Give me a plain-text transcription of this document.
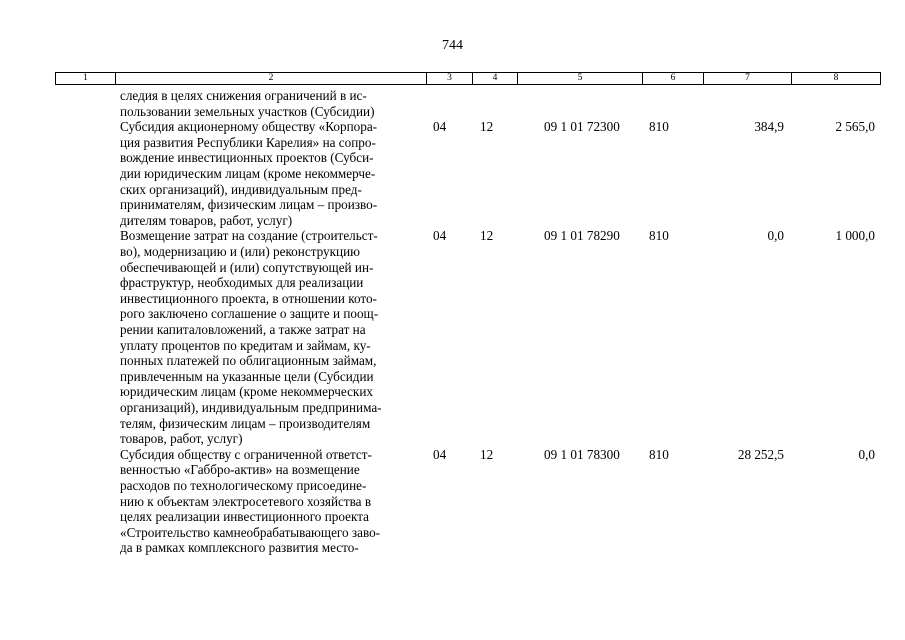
744
1	2	3	4	5	6	7	8
следия в целях снижения ограничений в ис-
пользовании земельных участков (Субсидии)
Субсидия акционерному обществу «Корпора-
ция развития Республики Карелия» на сопро-
вождение инвестиционных проектов (Субси-
дии юридическим лицам (кроме некоммерче-
ских организаций), индивидуальным пред-
принимателям, физическим лицам – произво-
дителям товаров, работ, услуг)
04	12	09 1 01 72300 810	384,9	2 565,0
Возмещение затрат на создание (строительст-
во), модернизацию и (или) реконструкцию
обеспечивающей и (или) сопутствующей ин-
фраструктур, необходимых для реализации
инвестиционного проекта, в отношении кото-
рого заключено соглашение о защите и поощ-
рении капиталовложений, а также затрат на
уплату процентов по кредитам и займам, ку-
понных платежей по облигационным займам,
привлеченным на указанные цели (Субсидии
юридическим лицам (кроме некоммерческих
организаций), индивидуальным предпринима-
телям, физическим лицам – производителям
товаров, работ, услуг)
04	12	09 1 01 78290 810	0,0	1 000,0
Субсидия обществу с ограниченной ответст-
венностью «Габбро-актив» на возмещение
расходов по технологическому присоедине-
нию к объектам электросетевого хозяйства в
целях реализации инвестиционного проекта
«Строительство камнеобрабатывающего заво-
да в рамках комплексного развития место-
04	12	09 1 01 78300 810	28 252,5	0,0
